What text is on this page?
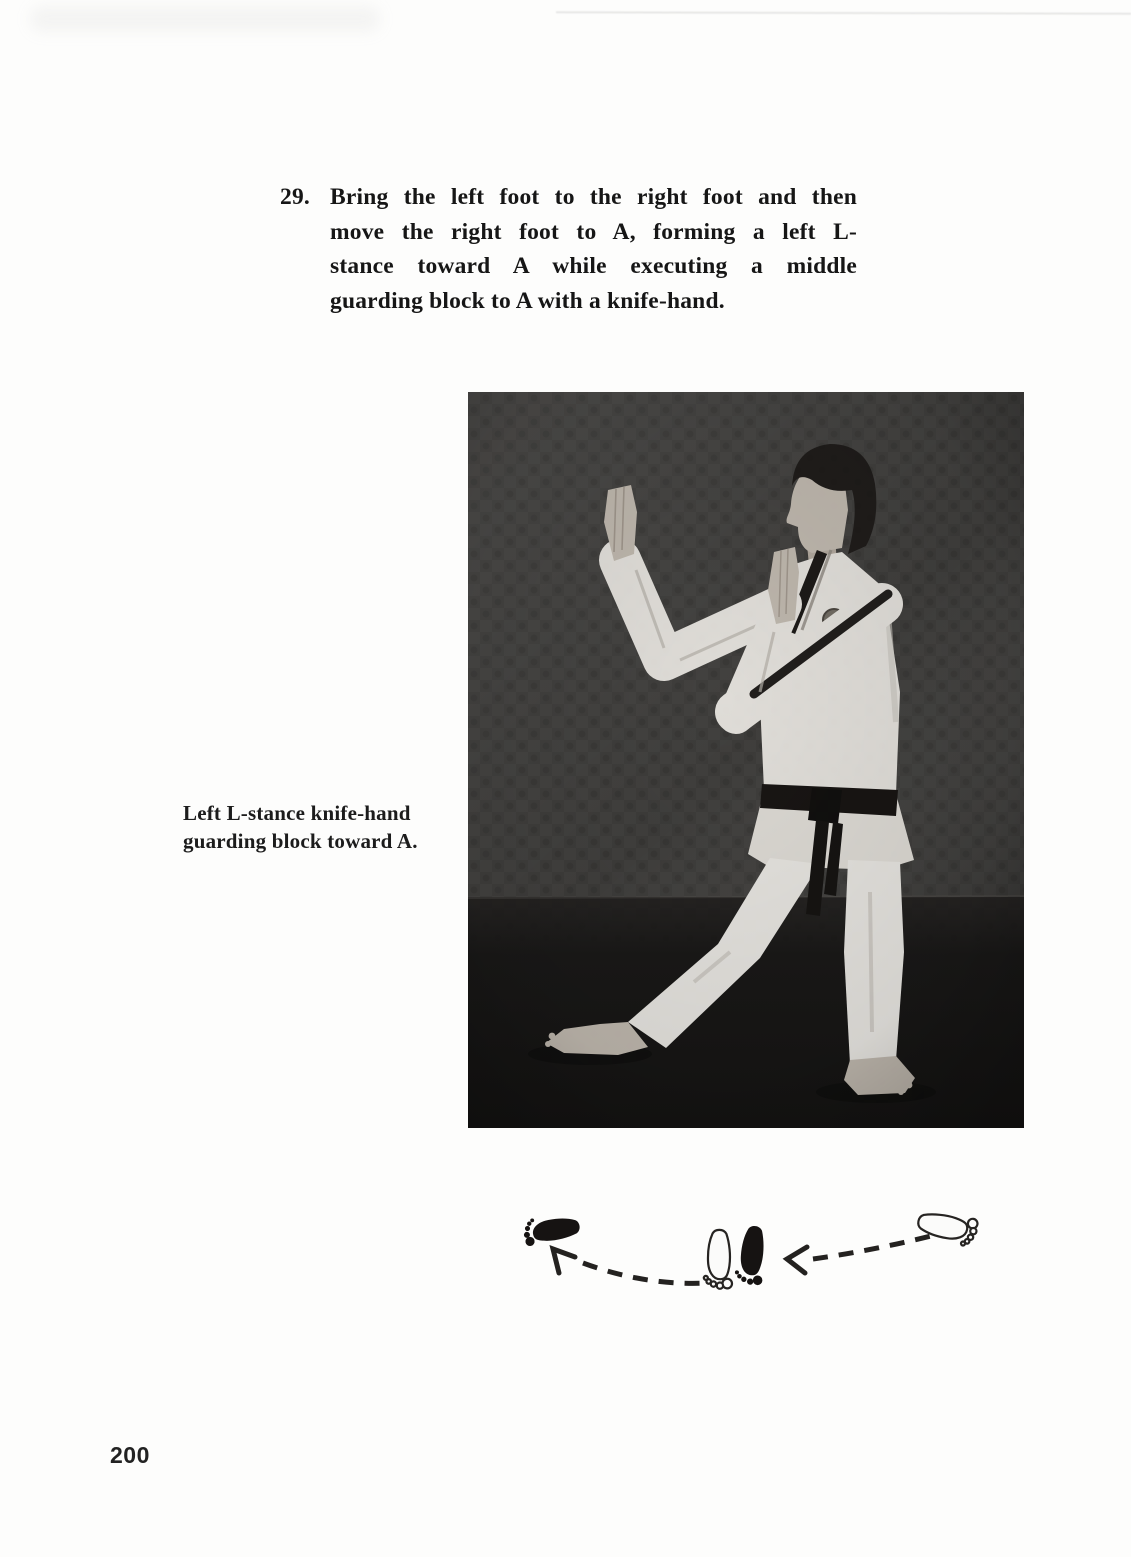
29. Bring the left foot to the right foot and then
move the right foot to A, forming a left L-
stance toward A while executing a middle
guarding block to A with a knife-hand.
Left L-stance knife-hand
guarding block toward A.
200
